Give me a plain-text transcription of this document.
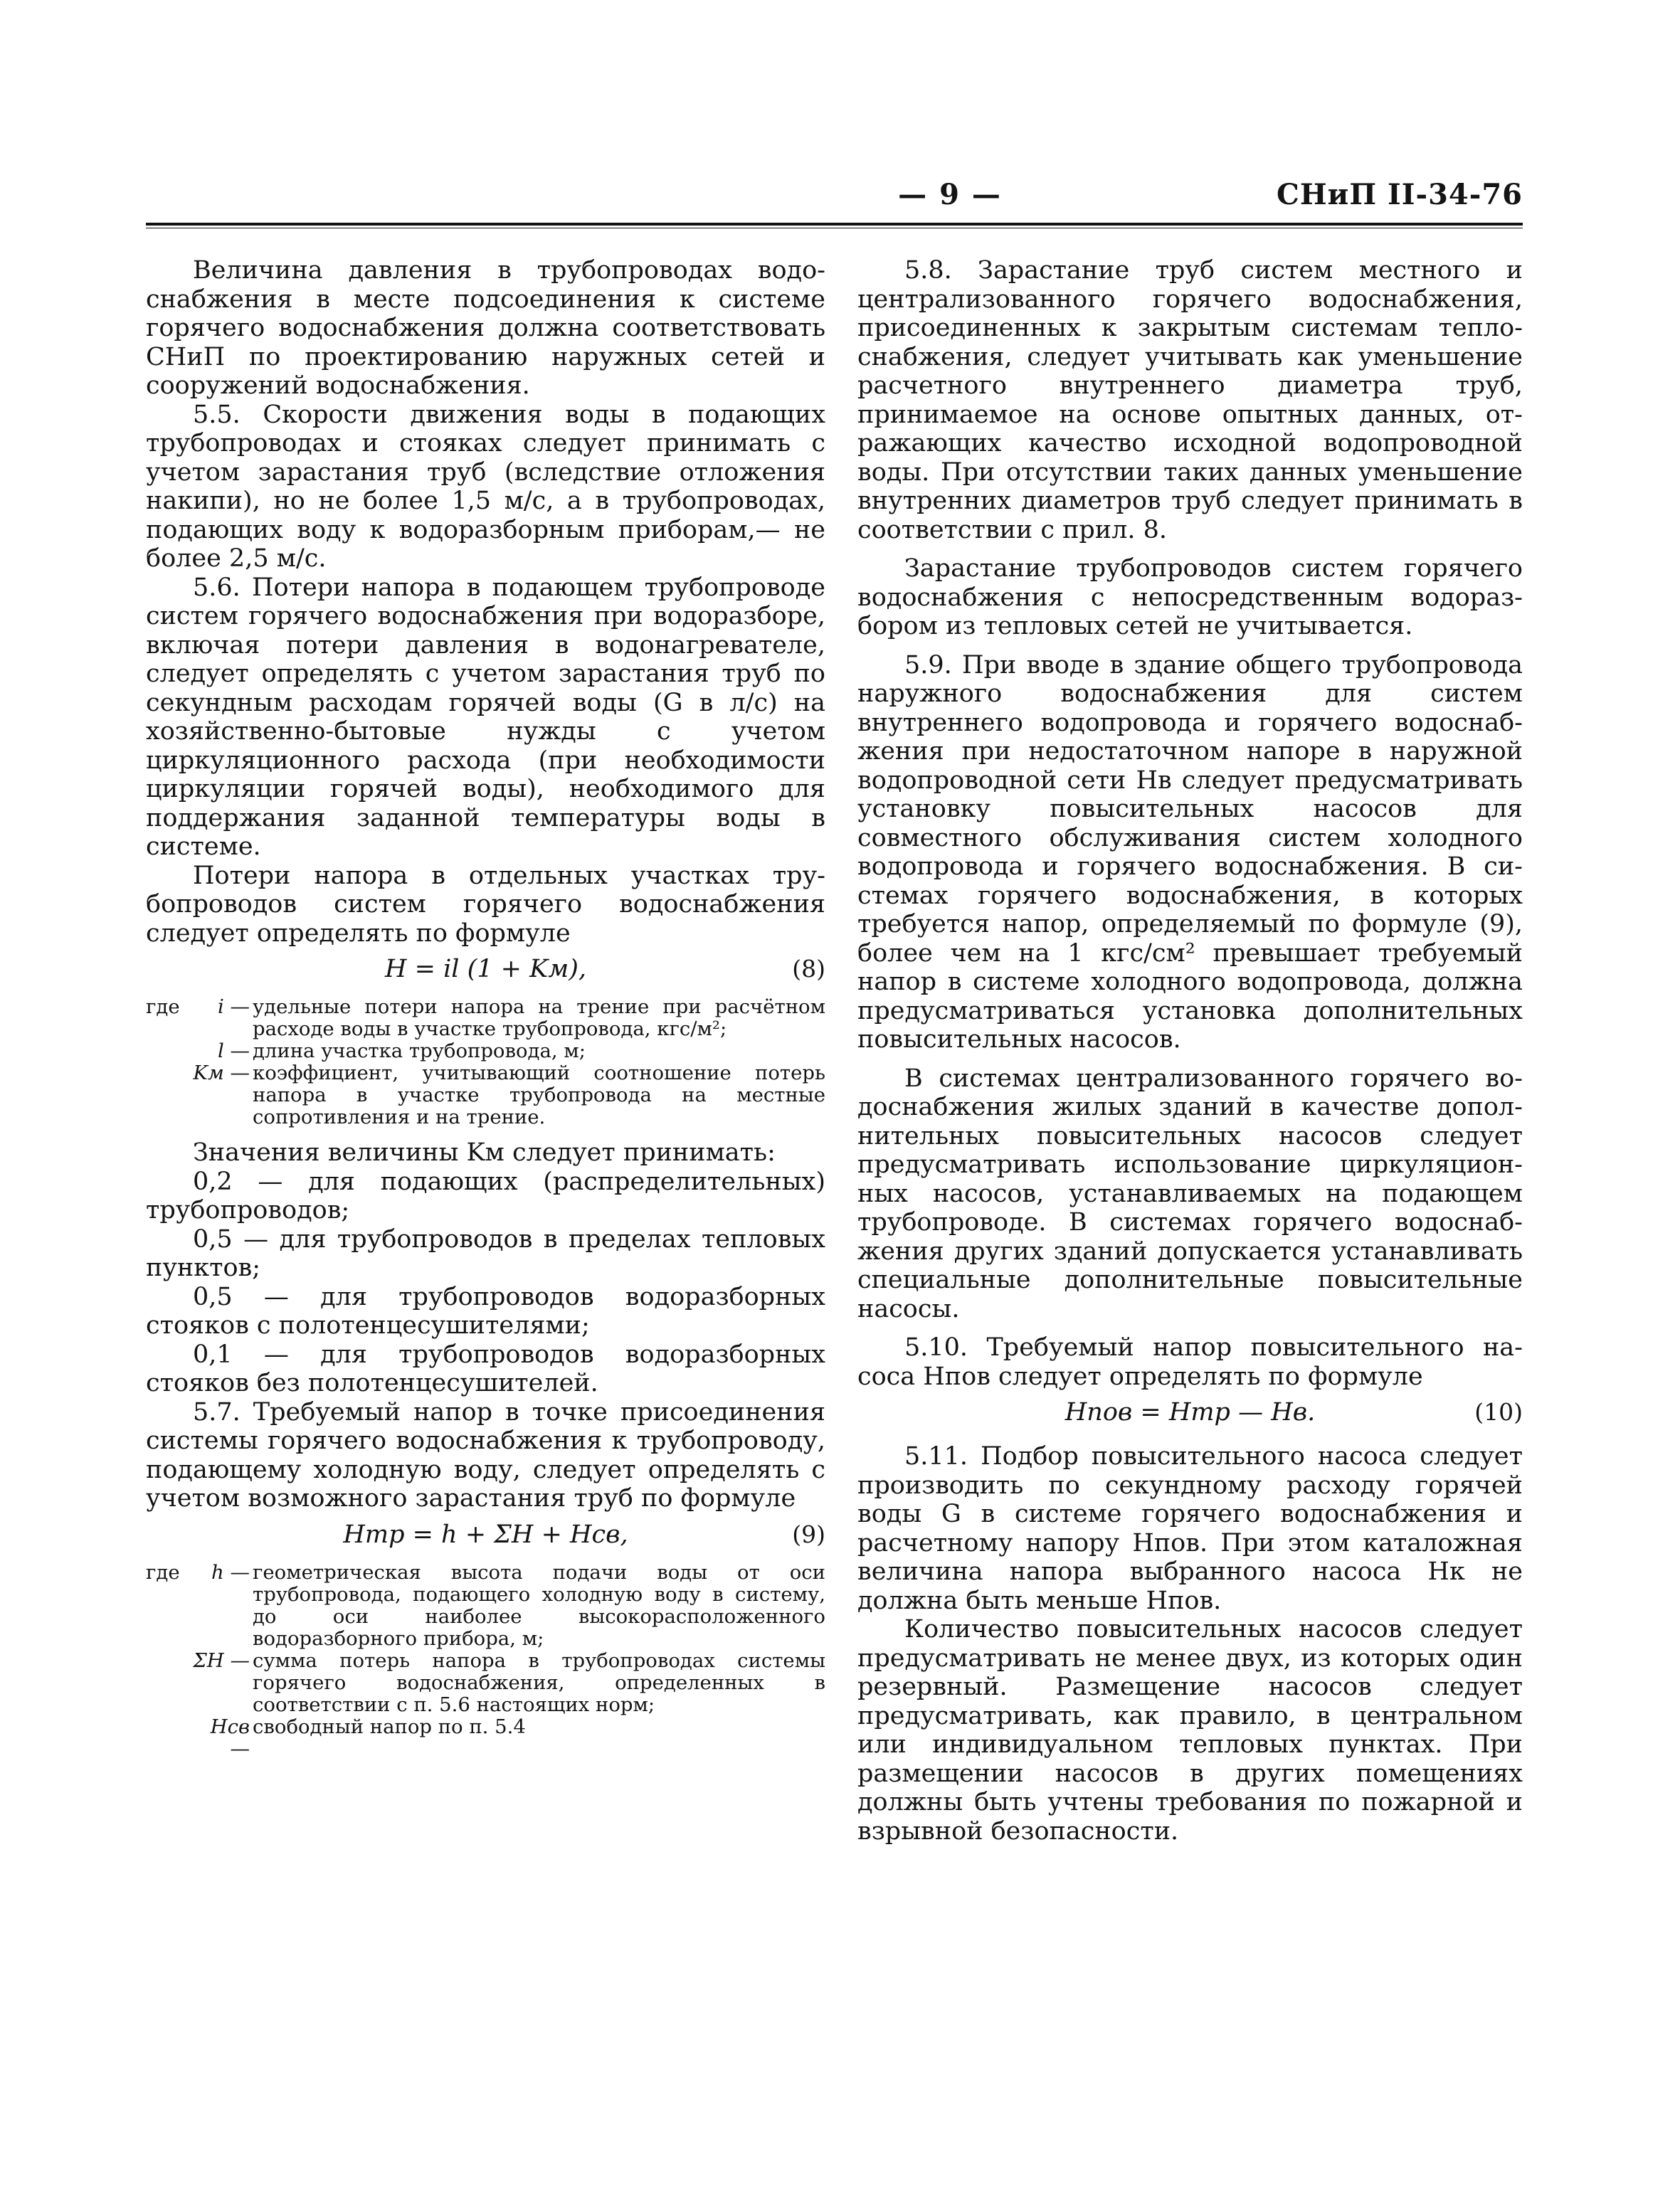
— 9 —	СНиП II-34-76

Величина давления в трубопроводах водоснабжения в месте подсоединения к системе горячего водоснабжения должна соответствовать СНиП по проектированию наружных сетей и сооружений водоснабжения.

5.5. Скорости движения воды в подающих трубопроводах и стояках следует принимать с учетом зарастания труб (вследствие отложения накипи), но не более 1,5 м/с, а в трубопроводах, подающих воду к водоразборным приборам,— не более 2,5 м/с.

5.6. Потери напора в подающем трубопроводе систем горячего водоснабжения при водоразборе, включая потери давления в водонагревателе, следует определять с учетом зарастания труб по секундным расходам горячей воды (G в л/с) на хозяйственно-бытовые нужды с учетом циркуляционного расхода (при необходимости циркуляции горячей воды), необходимого для поддержания заданной температуры воды в системе.

Потери напора в отдельных участках трубопроводов систем горячего водоснабжения следует определять по формуле

H = il (1 + Kм),	(8)
где	i — удельные потери напора на трение при расчётном расходе воды в участке трубопровода, кгс/м²;
l — длина участка трубопровода, м;
Kм — коэффициент, учитывающий соотношение потерь напора в участке трубопровода на местные сопротивления и на трение.

Значения величины Kм следует принимать:

0,2 — для подающих (распределительных) трубопроводов;

0,5 — для трубопроводов в пределах тепловых пунктов;

0,5 — для трубопроводов водоразборных стояков с полотенцесушителями;

0,1 — для трубопроводов водоразборных стояков без полотенцесушителей.

5.7. Требуемый напор в точке присоединения системы горячего водоснабжения к трубопроводу, подающему холодную воду, следует определять с учетом возможного зарастания труб по формуле

Hтр = h + ΣH + Hсв,	(9)
где	h — геометрическая высота подачи воды от оси трубопровода, подающего холодную воду в систему, до оси наиболее высокорасположенного водоразборного прибора, м;
ΣH — сумма потерь напора в трубопроводах системы горячего водоснабжения, определенных в соответствии с п. 5.6 настоящих норм;
Hсв —
свободный напор по п. 5.4

5.8. Зарастание труб систем местного и централизованного горячего водоснабжения, присоединенных к закрытым системам теплоснабжения, следует учитывать как уменьшение расчетного внутреннего диаметра труб, принимаемое на основе опытных данных, отражающих качество исходной водопроводной воды. При отсутствии таких данных уменьшение внутренних диаметров труб следует принимать в соответствии с прил. 8.

Зарастание трубопроводов систем горячего водоснабжения с непосредственным водоразбором из тепловых сетей не учитывается.

5.9. При вводе в здание общего трубопровода наружного водоснабжения для систем внутреннего водопровода и горячего водоснабжения при недостаточном напоре в наружной водопроводной сети Hв следует предусматривать установку повысительных насосов для совместного обслуживания систем холодного водопровода и горячего водоснабжения. В системах горячего водоснабжения, в которых требуется напор, определяемый по формуле (9), более чем на 1 кгс/см² превышает требуемый напор в системе холодного водопровода, должна предусматриваться установка дополнительных повысительных насосов.

В системах централизованного горячего водоснабжения жилых зданий в качестве дополнительных повысительных насосов следует предусматривать использование циркуляционных насосов, устанавливаемых на подающем трубопроводе. В системах горячего водоснабжения других зданий допускается устанавливать специальные дополнительные повысительные насосы.

5.10. Требуемый напор повысительного наcoca Hпов следует определять по формуле

Hпов = Hтр — Hв.	(10)

5.11. Подбор повысительного насоса следует производить по секундному расходу горячей воды G в системе горячего водоснабжения и расчетному напору Hпов. При этом каталожная величина напора выбранного насоса Hк не должна быть меньше Hпов.

Количество повысительных насосов следует предусматривать не менее двух, из которых один резервный. Размещение насосов следует предусматривать, как правило, в центральном или индивидуальном тепловых пунктах. При размещении насосов в других помещениях должны быть учтены требования по пожарной и взрывной безопасности.
